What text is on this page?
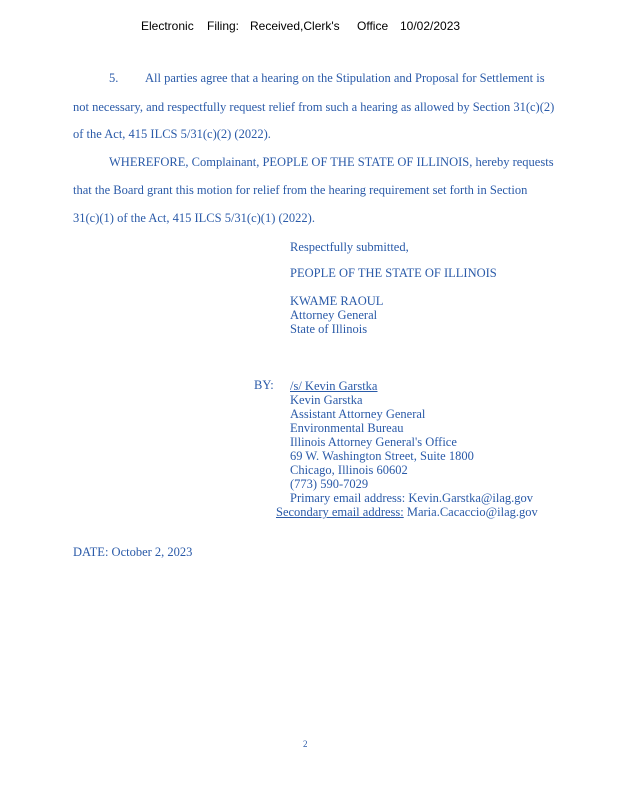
Electronic Filing: Received,Clerk's Office 10/02/2023
5. All parties agree that a hearing on the Stipulation and Proposal for Settlement is
not necessary, and respectfully request relief from such a hearing as allowed by Section 31(c)(2)
of the Act, 415 ILCS 5/31(c)(2) (2022).
WHEREFORE, Complainant, PEOPLE OF THE STATE OF ILLINOIS, hereby requests
that the Board grant this motion for relief from the hearing requirement set forth in Section
31(c)(1) of the Act, 415 ILCS 5/31(c)(1) (2022).
Respectfully submitted,
PEOPLE OF THE STATE OF ILLINOIS
KWAME RAOUL
Attorney General
State of Illinois
BY: /s/ Kevin Garstka
Kevin Garstka
Assistant Attorney General
Environmental Bureau
Illinois Attorney General's Office
69 W. Washington Street, Suite 1800
Chicago, Illinois 60602
(773) 590-7029
Primary email address: Kevin.Garstka@ilag.gov
Secondary email address: Maria.Cacaccio@ilag.gov
DATE: October 2, 2023
2
